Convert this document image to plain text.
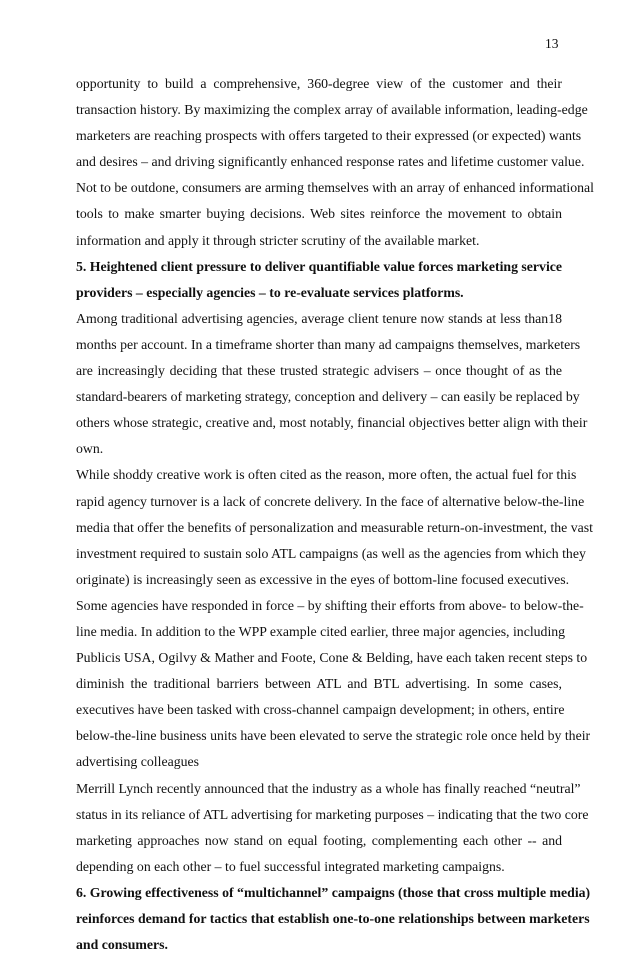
13
opportunity to build a comprehensive, 360-degree view of the customer and their
transaction history. By maximizing the complex array of available information, leading-edge
marketers are reaching prospects with offers targeted to their expressed (or expected) wants
and desires – and driving significantly enhanced response rates and lifetime customer value.
Not to be outdone, consumers are arming themselves with an array of enhanced informational
tools to make smarter buying decisions. Web sites reinforce the movement to obtain
information and apply it through stricter scrutiny of the available market.
5. Heightened client pressure to deliver quantifiable value forces marketing service
providers – especially agencies – to re-evaluate services platforms.
Among traditional advertising agencies, average client tenure now stands at less than18
months per account. In a timeframe shorter than many ad campaigns themselves, marketers
are increasingly deciding that these trusted strategic advisers – once thought of as the
standard-bearers of marketing strategy, conception and delivery – can easily be replaced by
others whose strategic, creative and, most notably, financial objectives better align with their
own.
While shoddy creative work is often cited as the reason, more often, the actual fuel for this
rapid agency turnover is a lack of concrete delivery. In the face of alternative below-the-line
media that offer the benefits of personalization and measurable return-on-investment, the vast
investment required to sustain solo ATL campaigns (as well as the agencies from which they
originate) is increasingly seen as excessive in the eyes of bottom-line focused executives.
Some agencies have responded in force – by shifting their efforts from above- to below-the-
line media. In addition to the WPP example cited earlier, three major agencies, including
Publicis USA, Ogilvy & Mather and Foote, Cone & Belding, have each taken recent steps to
diminish the traditional barriers between ATL and BTL advertising. In some cases,
executives have been tasked with cross-channel campaign development; in others, entire
below-the-line business units have been elevated to serve the strategic role once held by their
advertising colleagues
Merrill Lynch recently announced that the industry as a whole has finally reached “neutral”
status in its reliance of ATL advertising for marketing purposes – indicating that the two core
marketing approaches now stand on equal footing, complementing each other -- and
depending on each other – to fuel successful integrated marketing campaigns.
6. Growing effectiveness of “multichannel” campaigns (those that cross multiple media)
reinforces demand for tactics that establish one-to-one relationships between marketers
and consumers.
